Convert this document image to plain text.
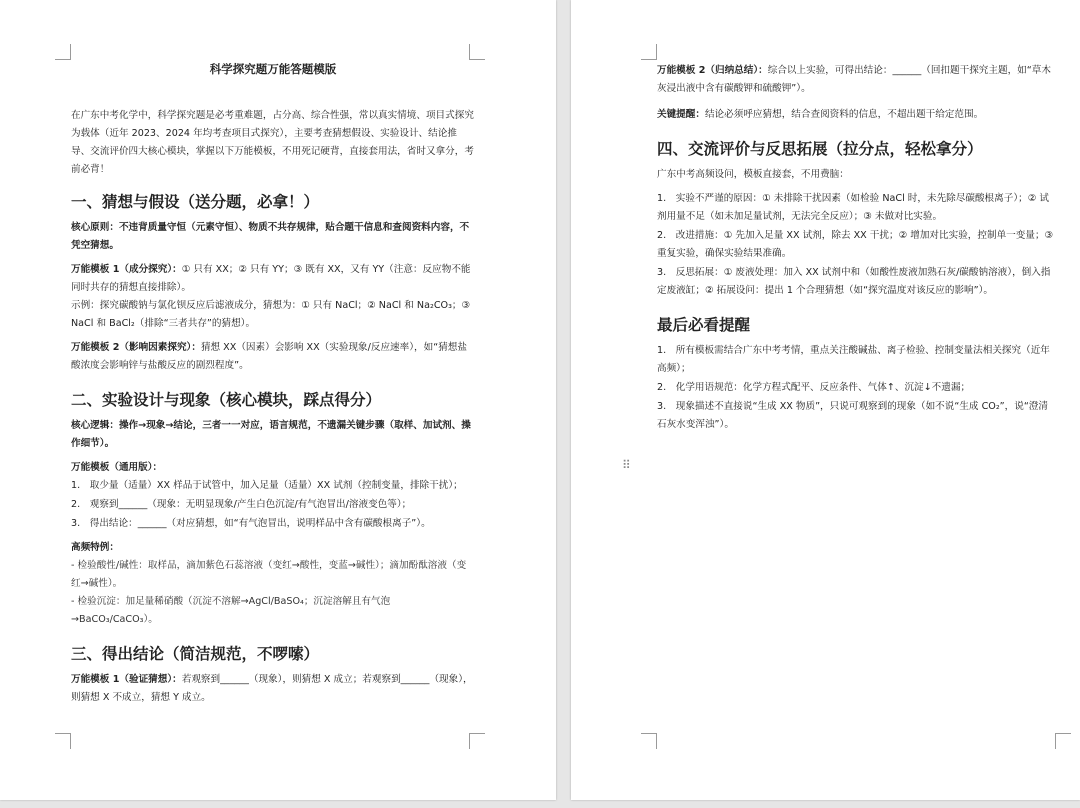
科学探究题万能答题模版

在广东中考化学中，科学探究题是必考重难题，占分高、综合性强，常以真实情境、项目式探究为载体（近年 2023、2024 年均考查项目式探究），主要考查猜想假设、实验设计、结论推导、交流评价四大核心模块，掌握以下万能模板，不用死记硬背，直接套用法，省时又拿分，考前必背！

一、猜想与假设（送分题，必拿！）

核心原则：不违背质量守恒（元素守恒）、物质不共存规律，贴合题干信息和查阅资料内容，不凭空猜想。

万能模板 1（成分探究）：① 只有 XX；② 只有 YY；③ 既有 XX，又有 YY（注意：反应物不能同时共存的猜想直接排除）。

示例：探究碳酸钠与氯化钡反应后滤液成分，猜想为：① 只有 NaCl；② NaCl 和 Na₂CO₃；③ NaCl 和 BaCl₂（排除“三者共存”的猜想）。

万能模板 2（影响因素探究）：猜想 XX（因素）会影响 XX（实验现象/反应速率），如“猜想盐酸浓度会影响锌与盐酸反应的剧烈程度”。

二、实验设计与现象（核心模块，踩点得分）

核心逻辑：操作→现象→结论，三者一一对应，语言规范，不遗漏关键步骤（取样、加试剂、操作细节）。

万能模板（通用版）：

1.　取少量（适量）XX 样品于试管中，加入足量（适量）XX 试剂（控制变量，排除干扰）；
2.　观察到______（现象：无明显现象/产生白色沉淀/有气泡冒出/溶液变色等）；
3.　得出结论：______（对应猜想，如“有气泡冒出，说明样品中含有碳酸根离子”）。

高频特例：

- 检验酸性/碱性：取样品，滴加紫色石蕊溶液（变红→酸性，变蓝→碱性）；滴加酚酞溶液（变红→碱性）。

- 检验沉淀：加足量稀硝酸（沉淀不溶解→AgCl/BaSO₄；沉淀溶解且有气泡→BaCO₃/CaCO₃）。

三、得出结论（简洁规范，不啰嗦）

万能模板 1（验证猜想）：若观察到______（现象），则猜想 X 成立；若观察到______（现象），则猜想 X 不成立，猜想 Y 成立。

万能模板 2（归纳总结）：综合以上实验，可得出结论：______（回扣题干探究主题，如“草木灰浸出液中含有碳酸钾和硫酸钾”）。

关键提醒：结论必须呼应猜想，结合查阅资料的信息，不超出题干给定范围。

四、交流评价与反思拓展（拉分点，轻松拿分）

广东中考高频设问，模板直接套，不用费脑：

1.　实验不严谨的原因：① 未排除干扰因素（如检验 NaCl 时，未先除尽碳酸根离子）；② 试剂用量不足（如未加足量试剂，无法完全反应）；③ 未做对比实验。
2.　改进措施：① 先加入足量 XX 试剂，除去 XX 干扰；② 增加对比实验，控制单一变量；③ 重复实验，确保实验结果准确。
3.　反思拓展：① 废液处理：加入 XX 试剂中和（如酸性废液加熟石灰/碳酸钠溶液），倒入指定废液缸；② 拓展设问：提出 1 个合理猜想（如“探究温度对该反应的影响”）。
最后必看提醒
1.　所有模板需结合广东中考考情，重点关注酸碱盐、离子检验、控制变量法相关探究（近年高频）；
2.　化学用语规范：化学方程式配平、反应条件、气体↑、沉淀↓不遗漏；
3.　现象描述不直接说“生成 XX 物质”，只说可观察到的现象（如不说“生成 CO₂”，说“澄清石灰水变浑浊”）。
⠿
